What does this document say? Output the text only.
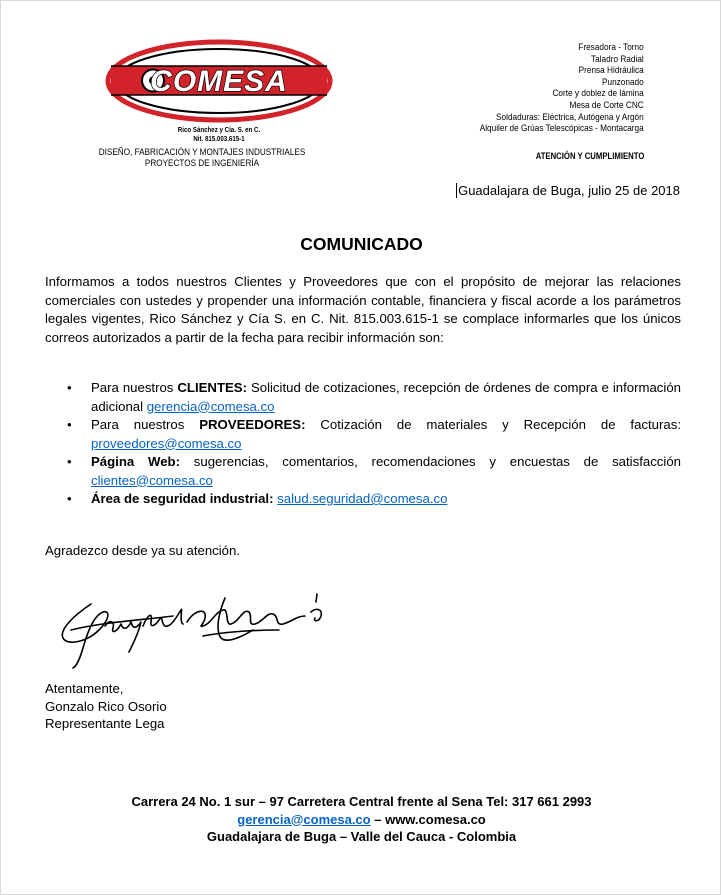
COMESA
Rico Sánchez y Cía. S. en C.
Nit. 815.003.615-1
DISEÑO, FABRICACIÓN Y MONTAJES INDUSTRIALES
PROYECTOS DE INGENIERÍA
Fresadora - Torno
Taladro Radial
Prensa Hidráulica
Punzonado
Corte y doblez de lámina
Mesa de Corte CNC
Soldaduras: Eléctrica, Autógena y Argón
Alquiler de Grúas Telescópicas - Montacarga
ATENCIÓN Y CUMPLIMIENTO
Guadalajara de Buga, julio 25 de 2018
COMUNICADO

Informamos a todos nuestros Clientes y Proveedores que con el propósito de mejorar las relaciones comerciales con ustedes y propender una información contable, financiera y fiscal acorde a los parámetros legales vigentes, Rico Sánchez y Cía S. en C. Nit. 815.003.615-1 se complace informarles que los únicos correos autorizados a partir de la fecha para recibir información son:

• Para nuestros CLIENTES: Solicitud de cotizaciones, recepción de órdenes de compra e información adicional gerencia@comesa.co
• Para nuestros PROVEEDORES: Cotización de materiales y Recepción de facturas: proveedores@comesa.co
• Página Web: sugerencias, comentarios, recomendaciones y encuestas de satisfacción clientes@comesa.co
• Área de seguridad industrial: salud.seguridad@comesa.co
Agradezco desde ya su atención.
Atentamente,
Gonzalo Rico Osorio
Representante Lega
Carrera 24 No. 1 sur – 97 Carretera Central frente al Sena Tel: 317 661 2993
gerencia@comesa.co – www.comesa.co
Guadalajara de Buga – Valle del Cauca - Colombia
